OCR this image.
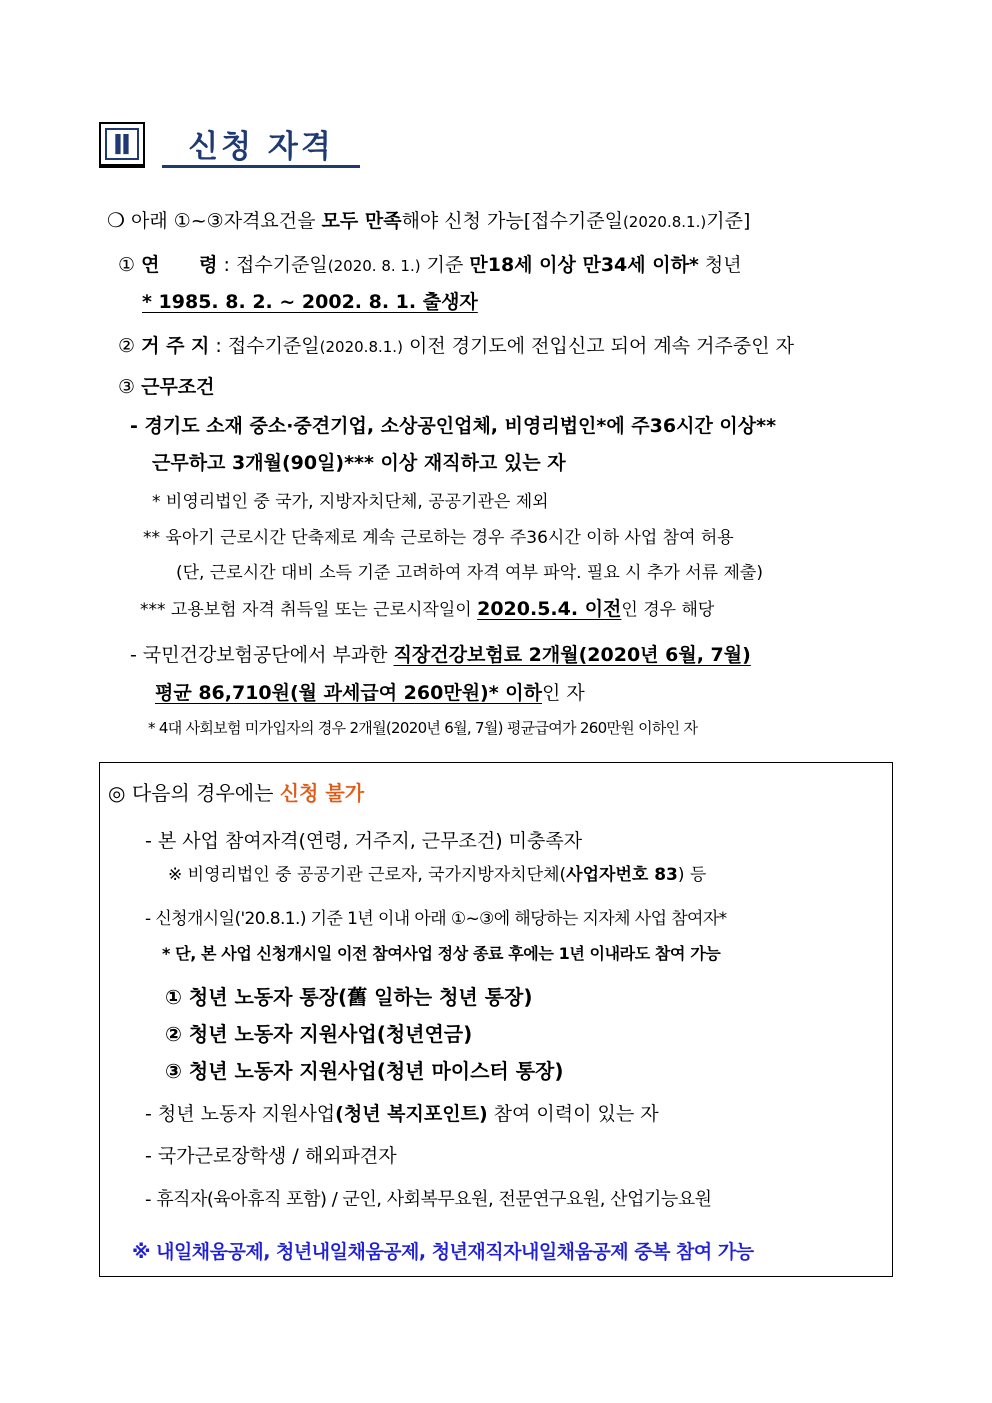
Ⅱ	신청 자격
❍ 아래 ①~③자격요건을 모두 만족해야 신청 가능[접수기준일(2020.8.1.)기준]
① 연      령 : 접수기준일(2020. 8. 1.) 기준 만18세 이상 만34세 이하* 청년
* 1985. 8. 2. ~ 2002. 8. 1. 출생자
② 거 주 지 : 접수기준일(2020.8.1.) 이전 경기도에 전입신고 되어 계속 거주중인 자
③ 근무조건
- 경기도 소재 중소·중견기업, 소상공인업체, 비영리법인*에 주36시간 이상**
근무하고 3개월(90일)*** 이상 재직하고 있는 자
* 비영리법인 중 국가, 지방자치단체, 공공기관은 제외
** 육아기 근로시간 단축제로 계속 근로하는 경우 주36시간 이하 사업 참여 허용
(단, 근로시간 대비 소득 기준 고려하여 자격 여부 파악. 필요 시 추가 서류 제출)
*** 고용보험 자격 취득일 또는 근로시작일이 2020.5.4. 이전인 경우 해당
- 국민건강보험공단에서 부과한 직장건강보험료 2개월(2020년 6월, 7월)
평균 86,710원(월 과세급여 260만원)* 이하인 자
* 4대 사회보험 미가입자의 경우 2개월(2020년 6월, 7월) 평균급여가 260만원 이하인 자
◎ 다음의 경우에는 신청 불가
- 본 사업 참여자격(연령, 거주지, 근무조건) 미충족자
※ 비영리법인 중 공공기관 근로자, 국가지방자치단체(사업자번호 83) 등
- 신청개시일('20.8.1.) 기준 1년 이내 아래 ①~③에 해당하는 지자체 사업 참여자*
* 단, 본 사업 신청개시일 이전 참여사업 정상 종료 후에는 1년 이내라도 참여 가능
① 청년 노동자 통장(舊 일하는 청년 통장)
② 청년 노동자 지원사업(청년연금)
③ 청년 노동자 지원사업(청년 마이스터 통장)
- 청년 노동자 지원사업(청년 복지포인트) 참여 이력이 있는 자
- 국가근로장학생 / 해외파견자
- 휴직자(육아휴직 포함) / 군인, 사회복무요원, 전문연구요원, 산업기능요원
※ 내일채움공제, 청년내일채움공제, 청년재직자내일채움공제 중복 참여 가능
